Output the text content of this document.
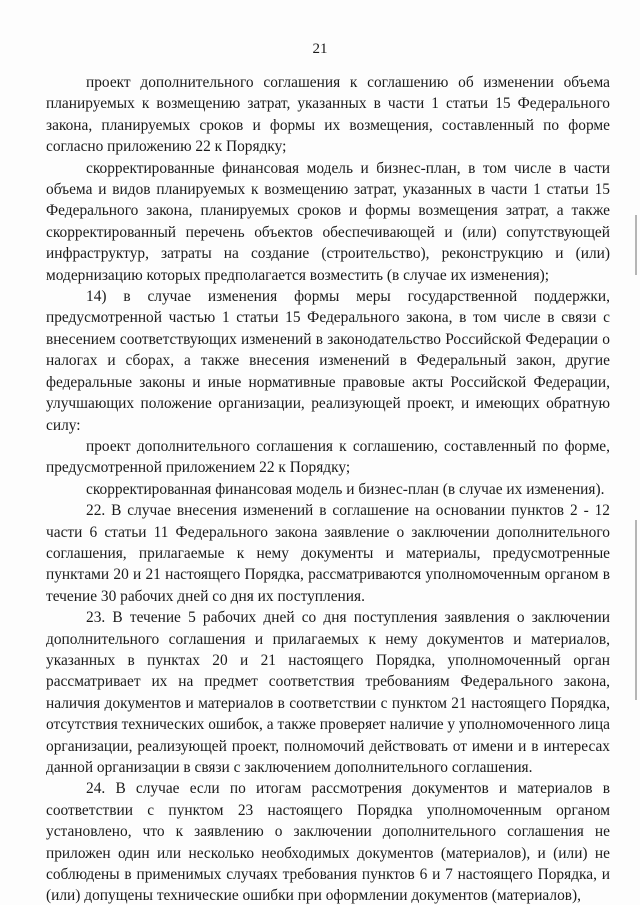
21

проект дополнительного соглашения к соглашению об изменении объема планируемых к возмещению затрат, указанных в части 1 статьи 15 Федерального закона, планируемых сроков и формы их возмещения, составленный по форме согласно приложению 22 к Порядку;

скорректированные финансовая модель и бизнес-план, в том числе в части объема и видов планируемых к возмещению затрат, указанных в части 1 статьи 15 Федерального закона, планируемых сроков и формы возмещения затрат, а также скорректированный перечень объектов обеспечивающей и (или) сопутствующей инфраструктур, затраты на создание (строительство), реконструкцию и (или) модернизацию которых предполагается возместить (в случае их изменения);

14) в случае изменения формы меры государственной поддержки, предусмотренной частью 1 статьи 15 Федерального закона, в том числе в связи с внесением соответствующих изменений в законодательство Российской Федерации о налогах и сборах, а также внесения изменений в Федеральный закон, другие федеральные законы и иные нормативные правовые акты Российской Федерации, улучшающих положение организации, реализующей проект, и имеющих обратную силу:

проект дополнительного соглашения к соглашению, составленный по форме, предусмотренной приложением 22 к Порядку;

скорректированная финансовая модель и бизнес-план (в случае их изменения).

22. В случае внесения изменений в соглашение на основании пунктов 2 - 12 части 6 статьи 11 Федерального закона заявление о заключении дополнительного соглашения, прилагаемые к нему документы и материалы, предусмотренные пунктами 20 и 21 настоящего Порядка, рассматриваются уполномоченным органом в течение 30 рабочих дней со дня их поступления.

23. В течение 5 рабочих дней со дня поступления заявления о заключении дополнительного соглашения и прилагаемых к нему документов и материалов, указанных в пунктах 20 и 21 настоящего Порядка, уполномоченный орган рассматривает их на предмет соответствия требованиям Федерального закона, наличия документов и материалов в соответствии с пунктом 21 настоящего Порядка, отсутствия технических ошибок, а также проверяет наличие у уполномоченного лица организации, реализующей проект, полномочий действовать от имени и в интересах данной организации в связи с заключением дополнительного соглашения.

24. В случае если по итогам рассмотрения документов и материалов в соответствии с пунктом 23 настоящего Порядка уполномоченным органом установлено, что к заявлению о заключении дополнительного соглашения не приложен один или несколько необходимых документов (материалов), и (или) не соблюдены в применимых случаях требования пунктов 6 и 7 настоящего Порядка, и (или) допущены технические ошибки при оформлении документов (материалов),
